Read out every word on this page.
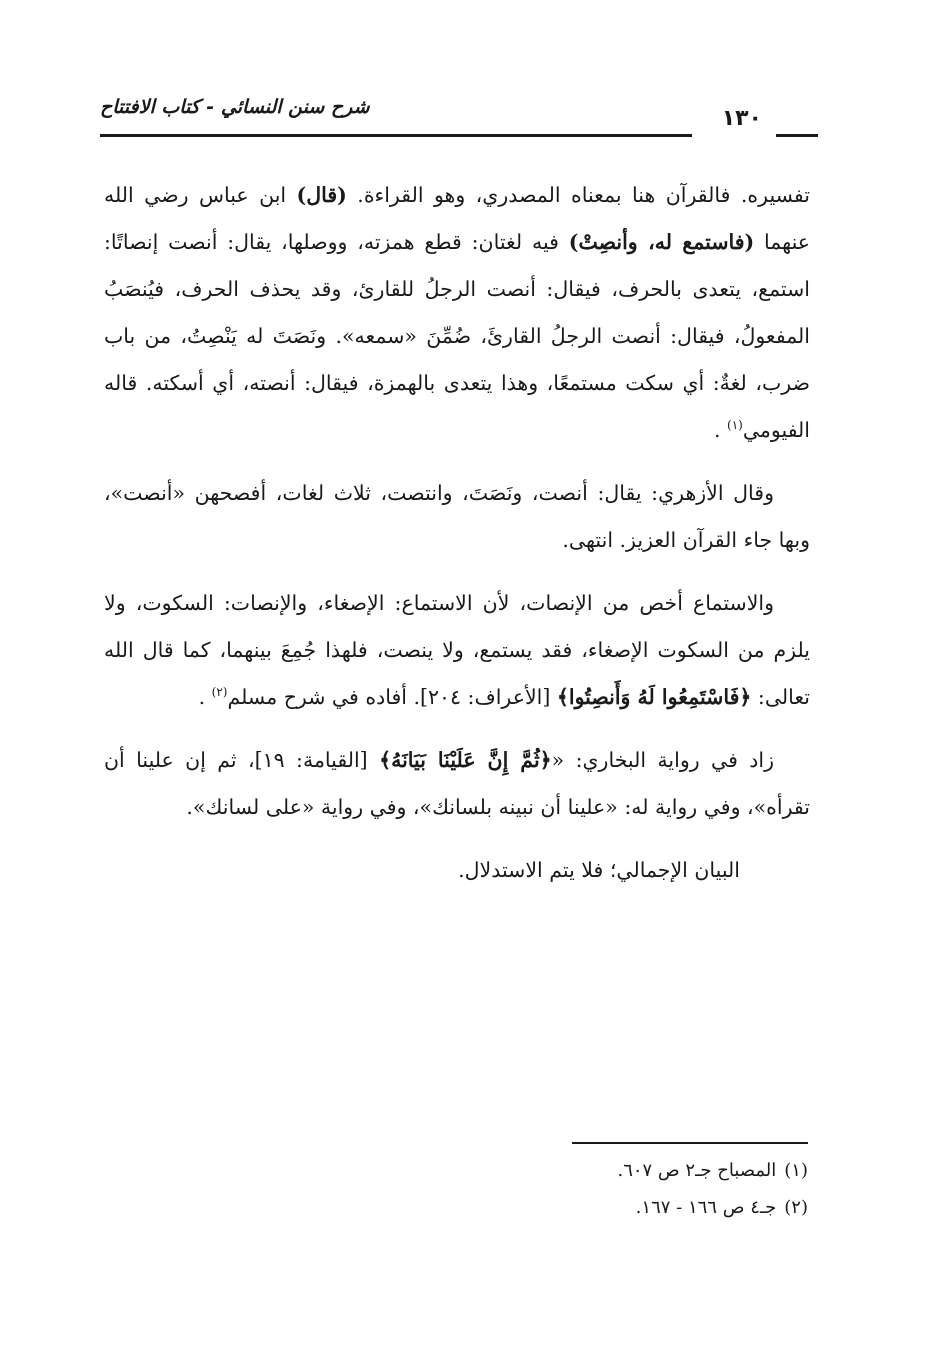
شرح سنن النسائي - كتاب الافتتاح	١٣٠

تفسيره. فالقرآن هنا بمعناه المصدري، وهو القراءة. (قال) ابن عباس رضي الله عنهما (فاستمع له، وأنصِتْ) فيه لغتان: قطع همزته، ووصلها، يقال: أنصت إنصاتًا: استمع، يتعدى بالحرف، فيقال: أنصت الرجلُ للقارئ، وقد يحذف الحرف، فيُنصَبُ المفعولُ، فيقال: أنصت الرجلُ القارئَ، ضُمِّنَ «سمعه». ونَصَتَ له يَنْصِتُ، من باب ضرب، لغةٌ: أي سكت مستمعًا، وهذا يتعدى بالهمزة، فيقال: أنصته، أي أسكته. قاله الفيومي$^{(١)}$ .

وقال الأزهري: يقال: أنصت، ونَصَتَ، وانتصت، ثلاث لغات، أفصحهن «أنصت»، وبها جاء القرآن العزيز. انتهى.

والاستماع أخص من الإنصات، لأن الاستماع: الإصغاء، والإنصات: السكوت، ولا يلزم من السكوت الإصغاء، فقد يستمع، ولا ينصت، فلهذا جُمِعَ بينهما، كما قال الله تعالى: ﴿فَاسْتَمِعُوا لَهُ وَأَنصِتُوا﴾ [الأعراف: ٢٠٤]. أفاده في شرح مسلم$^{(٢)}$ .

زاد في رواية البخاري: «﴿ثُمَّ إِنَّ عَلَيْنَا بَيَانَهُ﴾ [القيامة: ١٩]، ثم إن علينا أن تقرأه»، وفي رواية له: «علينا أن نبينه بلسانك»، وفي رواية «على لسانك».

البيان الإجمالي؛ فلا يتم الاستدلال.

(١)المصباح جـ٢ ص ٦٠٧.
(٢)جـ٤ ص ١٦٦ - ١٦٧.
